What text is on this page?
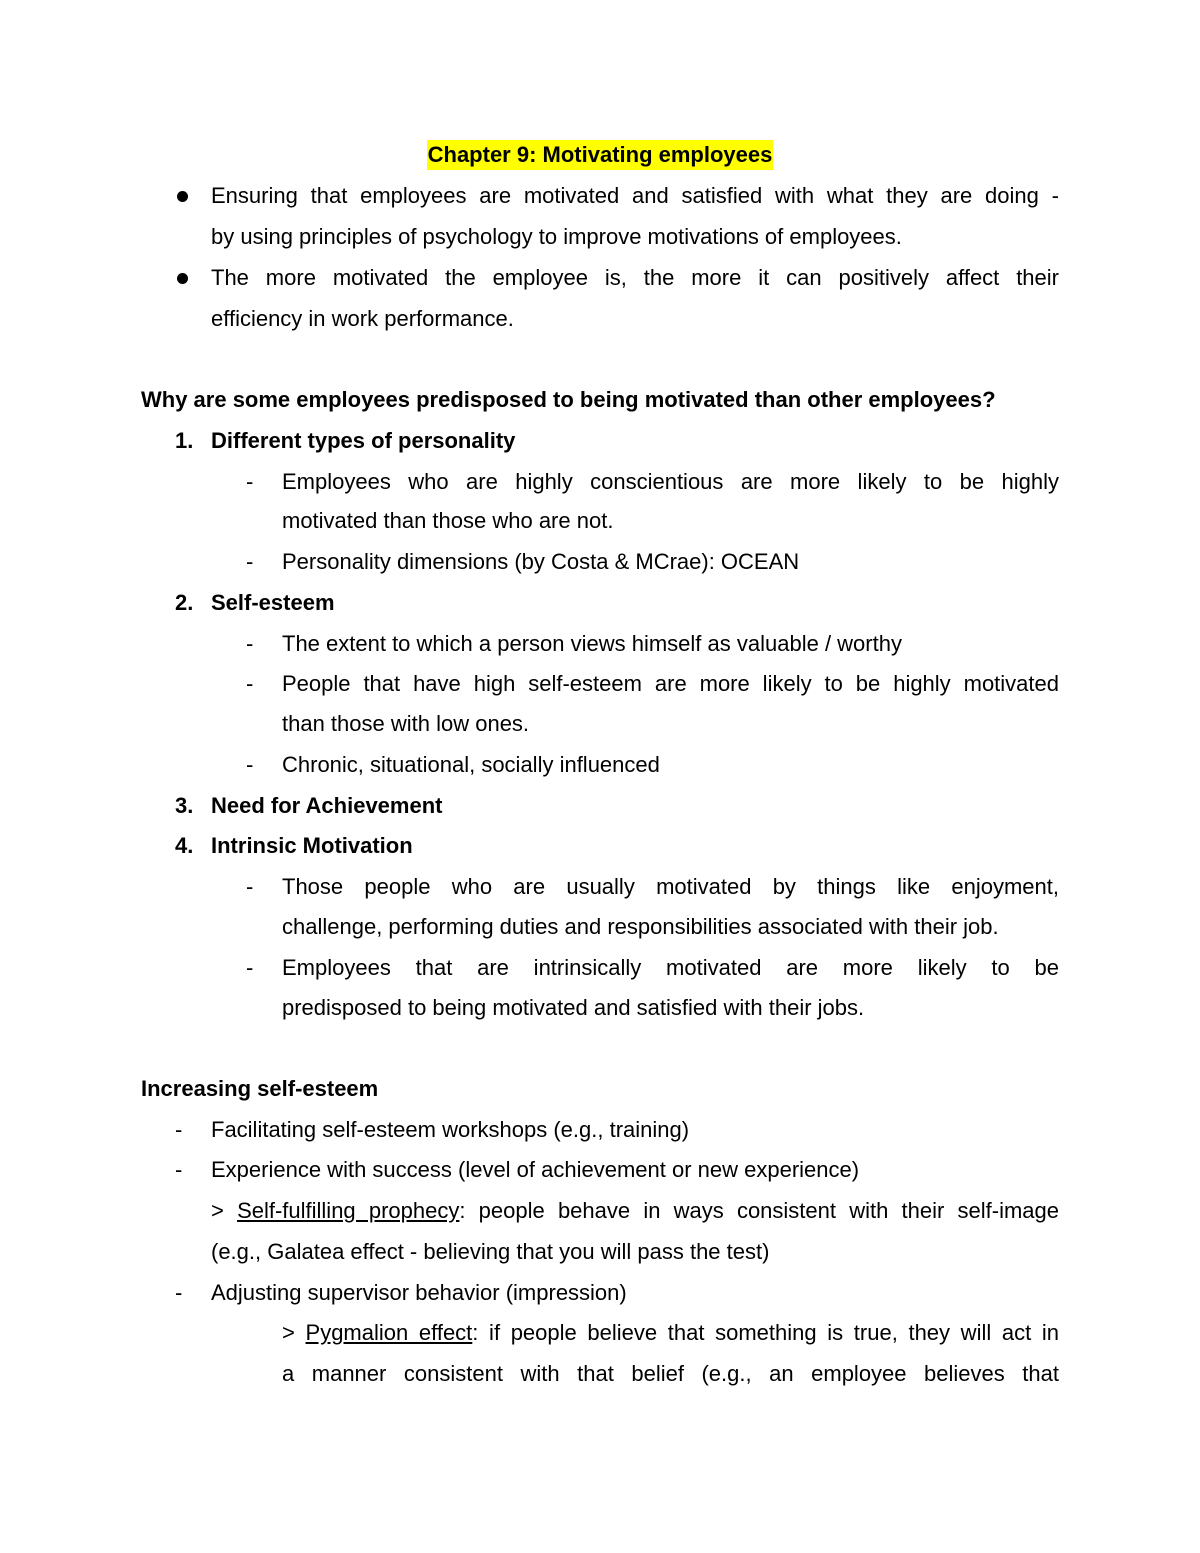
Chapter 9: Motivating employees
Ensuring that employees are motivated and satisfied with what they are doing -
by using principles of psychology to improve motivations of employees.
The more motivated the employee is, the more it can positively affect their
efficiency in work performance.
Why are some employees predisposed to being motivated than other employees?
1. Different types of personality
- Employees who are highly conscientious are more likely to be highly
motivated than those who are not.
- Personality dimensions (by Costa & MCrae): OCEAN
2. Self-esteem
- The extent to which a person views himself as valuable / worthy
- People that have high self-esteem are more likely to be highly motivated
than those with low ones.
- Chronic, situational, socially influenced
3. Need for Achievement
4. Intrinsic Motivation
- Those people who are usually motivated by things like enjoyment,
challenge, performing duties and responsibilities associated with their job.
- Employees that are intrinsically motivated are more likely to be
predisposed to being motivated and satisfied with their jobs.
Increasing self-esteem
- Facilitating self-esteem workshops (e.g., training)
- Experience with success (level of achievement or new experience)
> Self-fulfilling prophecy: people behave in ways consistent with their self-image
(e.g., Galatea effect - believing that you will pass the test)
- Adjusting supervisor behavior (impression)
> Pygmalion effect: if people believe that something is true, they will act in
a manner consistent with that belief (e.g., an employee believes that
